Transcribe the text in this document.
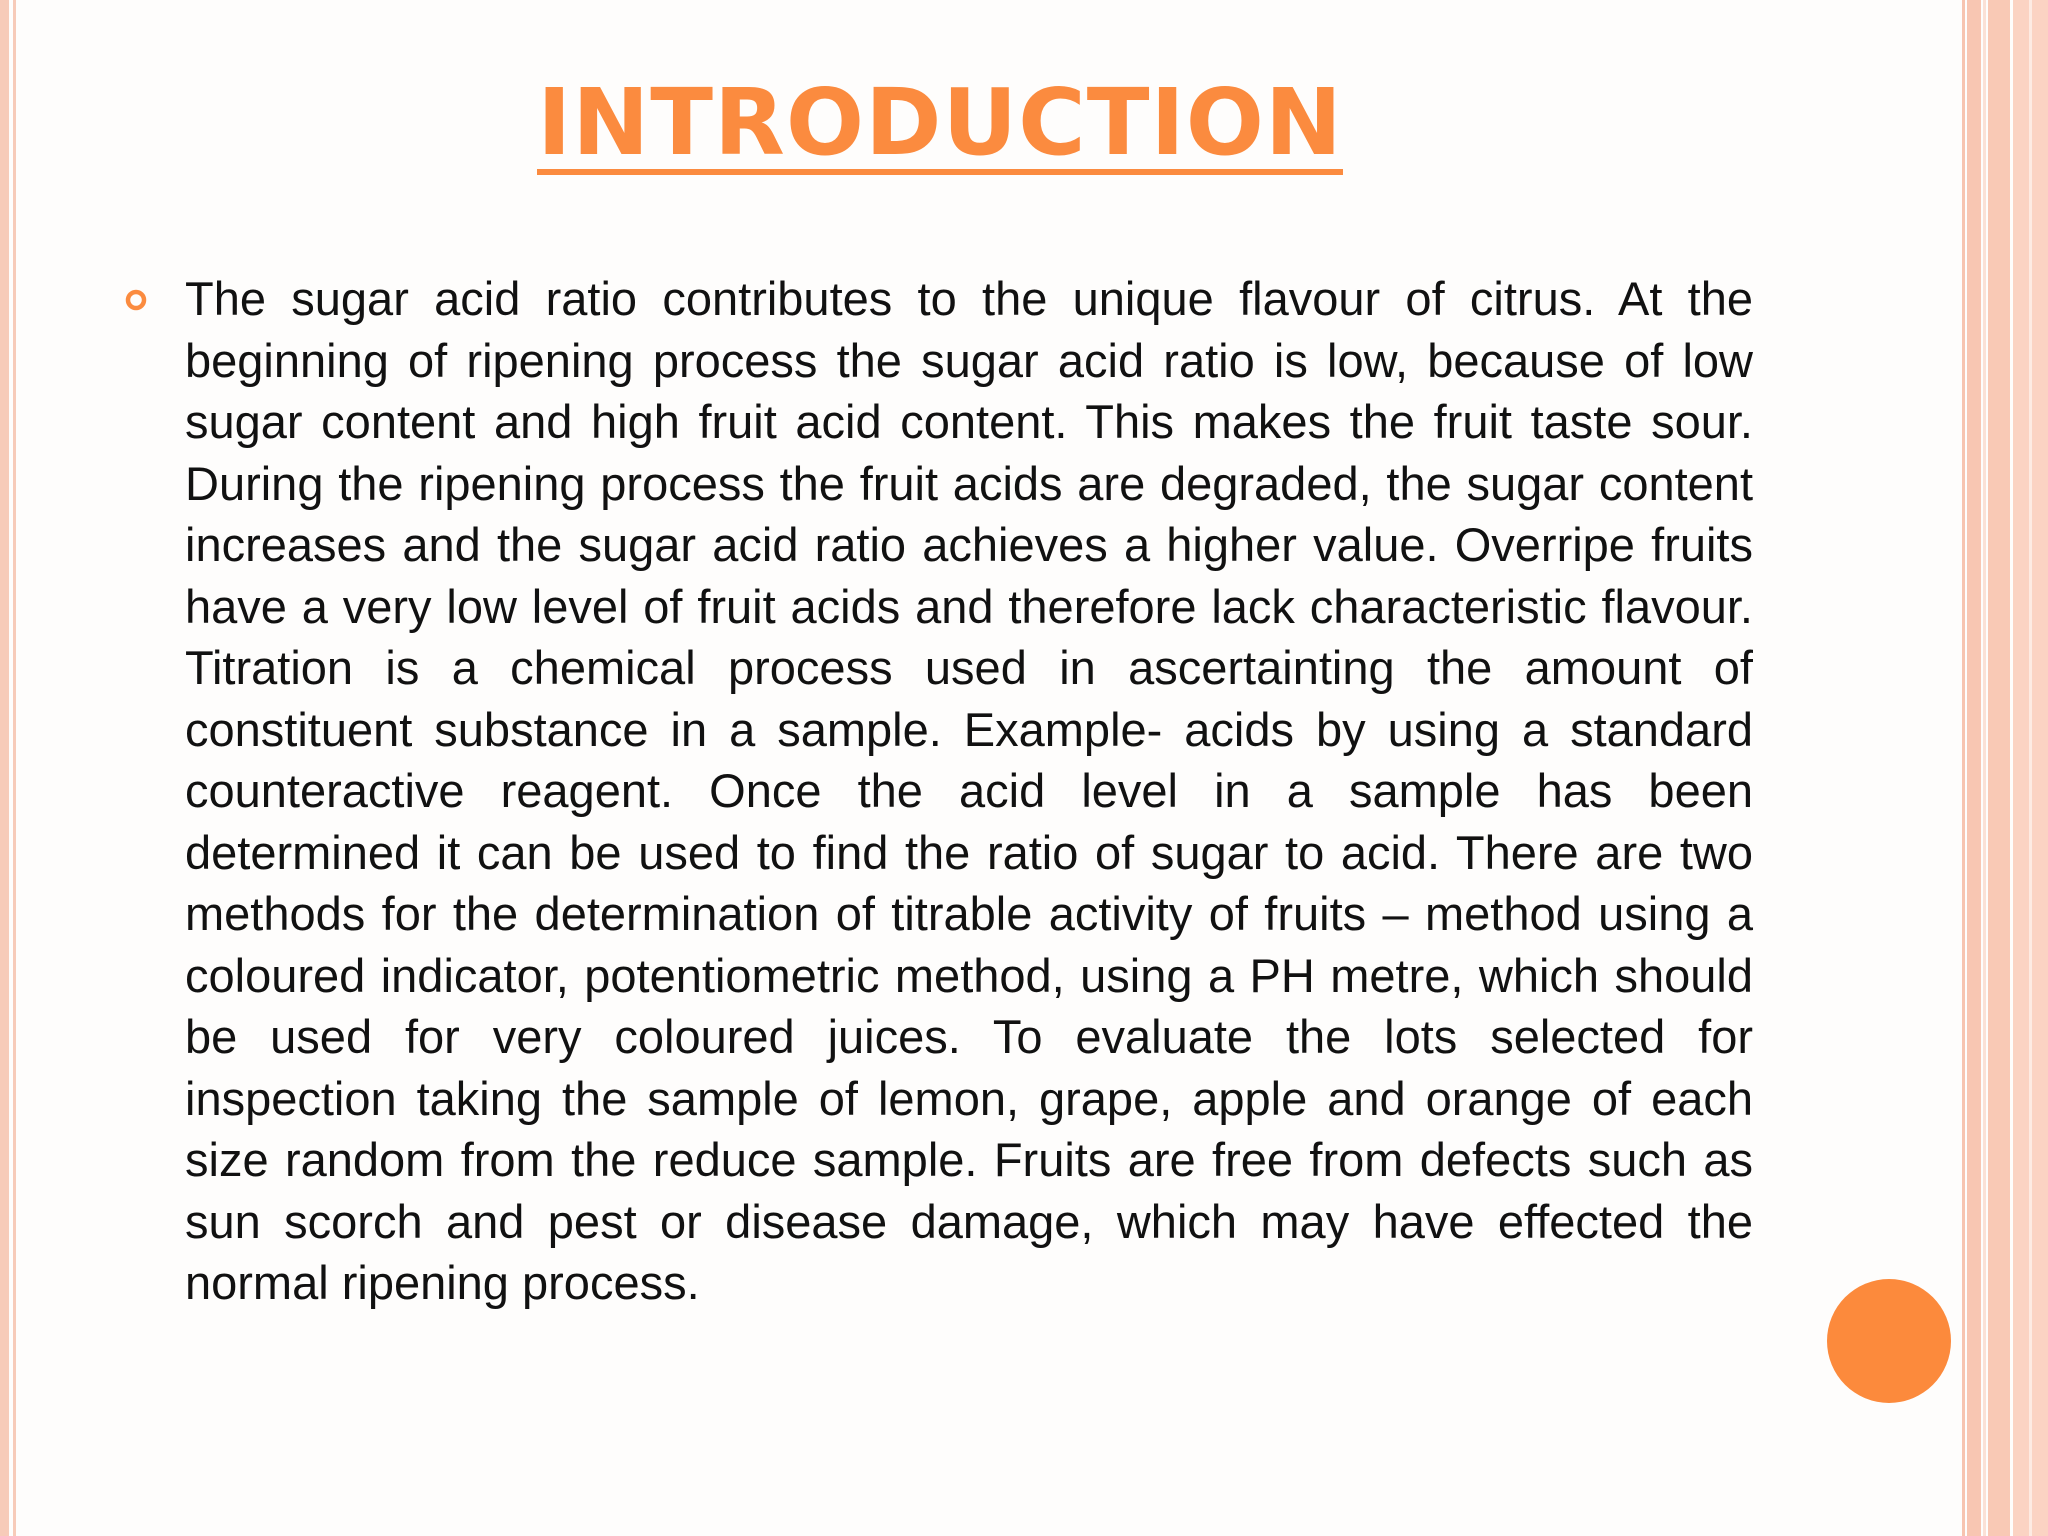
INTRODUCTION

The sugar acid ratio contributes to the unique flavour of citrus. At the beginning of ripening process the sugar acid ratio is low, because of low sugar content and high fruit acid content. This makes the fruit taste sour. During the ripening process the fruit acids are degraded, the sugar content increases and the sugar acid ratio achieves a higher value. Overripe fruits have a very low level of fruit acids and therefore lack characteristic flavour. Titration is a chemical process used in ascertainting the amount of constituent substance in a sample. Example- acids by using a standard counteractive reagent. Once the acid level in a sample has been determined it can be used to find the ratio of sugar to acid. There are two methods for the determination of titrable activity of fruits – method using a coloured indicator, potentiometric method, using a PH metre, which should be used for very coloured juices. To evaluate the lots selected for inspection taking the sample of lemon, grape, apple and orange of each size random from the reduce sample. Fruits are free from defects such as sun scorch and pest or disease damage, which may have effected the normal ripening process.
